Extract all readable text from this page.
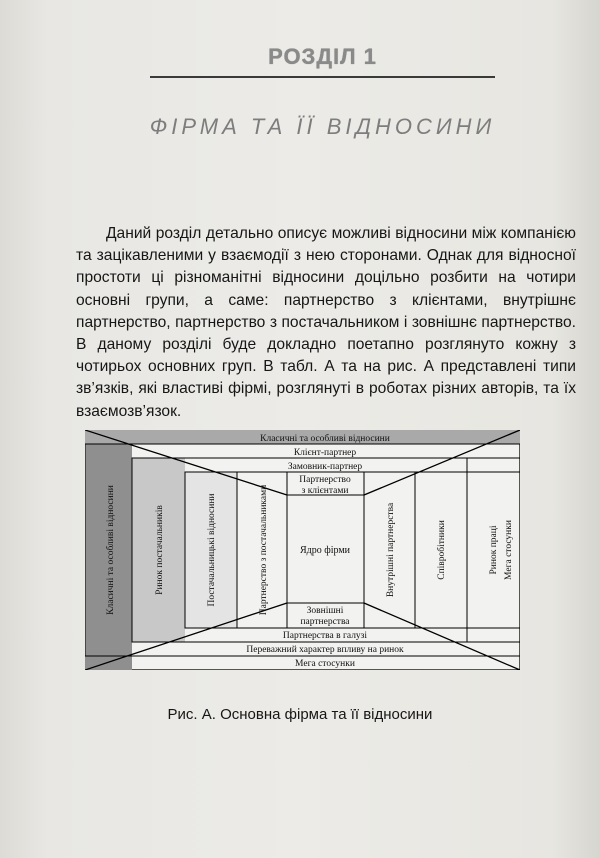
РОЗДІЛ 1
ФІРМА ТА ЇЇ ВІДНОСИНИ

Даний розділ детально описує можливі відносини між компанією та зацікавленими у взаємодії з нею сторонами. Однак для відносної простоти ці різноманітні відносини доцільно розбити на чотири основні групи, а саме: партнерство з клієнтами, внутрішнє партнерство, партнерство з постачальником і зовнішнє партнерство. В даному розділі буде докладно поетапно розглянуто кожну з чотирьох основних груп. В табл. А та на рис. А представлені типи зв’язків, які властиві фірмі, розглянуті в роботах різних авторів, та їх взаємозв’язок.

Класичні та особливі відносини
Клієнт-партнер
Замовник-партнер
Партнерство
з клієнтами
Зовнішні
партнерства
Ядро фірми
Партнерства в галузі
Переважний характер впливу на ринок
Мега стосунки
Класичні та особливі відносини	Ринок постачальників	Постачальницькі відносини	Партнерство з постачальниками	Внутрішні партнерства	Співробітники	Ринок праці Мега стосунки
Рис. А. Основна фірма та її відносини
